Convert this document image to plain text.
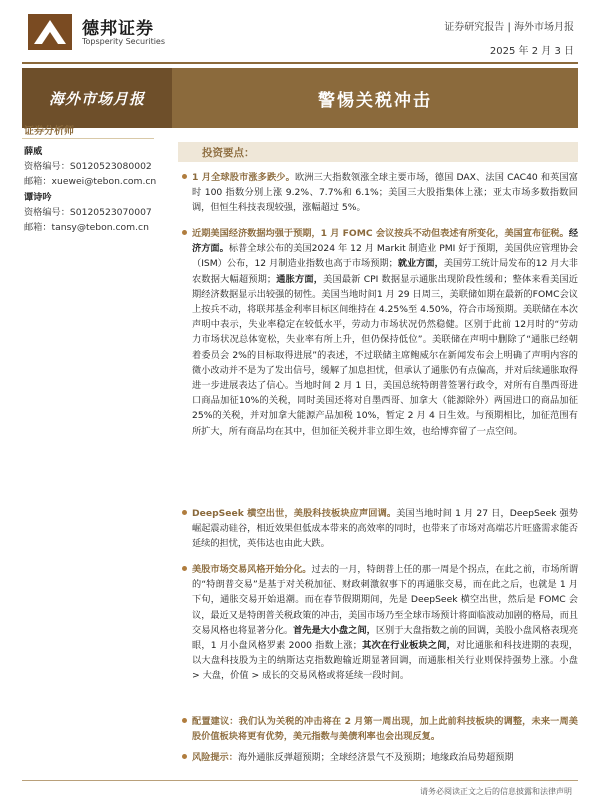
德邦证券
Topsperity Securities
证券研究报告 | 海外市场月报
2025 年 2 月 3 日
海外市场月报	警惕关税冲击
证券分析师
薛威
资格编号：S0120523080002
邮箱：xuewei@tebon.com.cn
谭诗吟
资格编号：S0120523070007
邮箱：tansy@tebon.com.cn
投资要点：
1 月全球股市涨多跌少。欧洲三大指数领涨全球主要市场，德国 DAX、法国 CAC40 和英国富时 100 指数分别上涨 9.2%、7.7%和 6.1%；美国三大股指集体上涨；亚太市场多数指数回调，但恒生科技表现较强，涨幅超过 5%。
近期美国经济数据均强于预期，1 月 FOMC 会议按兵不动但表述有所变化，美国宣布征税。经济方面。标普全球公布的美国2024 年 12 月 Markit 制造业 PMI 好于预期，美国供应管理协会（ISM）公布，12 月制造业指数也高于市场预期；就业方面，美国劳工统计局发布的12 月大非农数据大幅超预期；通胀方面，美国最新 CPI 数据显示通胀出现阶段性缓和；整体来看美国近期经济数据显示出较强的韧性。美国当地时间1 月 29 日周三，美联储如期在最新的FOMC会议上按兵不动，将联邦基金利率目标区间维持在 4.25%至 4.50%，符合市场预期。美联储在本次声明中表示，失业率稳定在较低水平，劳动力市场状况仍然稳健。区别于此前 12月时的“劳动力市场状况总体宽松，失业率有所上升，但仍保持低位”。美联储在声明中删除了“通胀已经朝着委员会 2%的目标取得进展”的表述，不过联储主席鲍威尔在新闻发布会上明确了声明内容的微小改动并不是为了发出信号，缓解了加息担忧，但承认了通胀仍有点偏高，并对后续通胀取得进一步进展表达了信心。当地时间 2 月 1 日，美国总统特朗普签署行政令，对所有自墨西哥进口商品加征10%的关税，同时美国还将对自墨西哥、加拿大（能源除外）两国进口的商品加征 25%的关税，并对加拿大能源产品加税 10%，暂定 2 月 4 日生效。与预期相比，加征范围有所扩大，所有商品均在其中，但加征关税并非立即生效，也给博弈留了一点空间。
DeepSeek 横空出世，美股科技板块应声回调。美国当地时间 1 月 27 日，DeepSeek 强势崛起震动硅谷，相近效果但低成本带来的高效率的同时，也带来了市场对高端芯片旺盛需求能否延续的担忧，英伟达也由此大跌。
美股市场交易风格开始分化。过去的一月，特朗普上任的那一周是个拐点，在此之前，市场所谓的“特朗普交易”是基于对关税加征、财政刺激叙事下的再通胀交易，而在此之后，也就是 1 月下旬，通胀交易开始退潮。而在春节假期期间，先是 DeepSeek 横空出世，然后是 FOMC 会议，最近又是特朗普关税政策的冲击，美国市场乃至全球市场预计将面临波动加剧的格局，而且交易风格也将显著分化。首先是大小盘之间，区别于大盘指数之前的回调，美股小盘风格表现亮眼，1 月小盘风格罗素 2000 指数上涨；其次在行业板块之间，对比通胀和科技进期的表现，以大盘科技股为主的纳斯达克指数跑输近期显著回调，而通胀相关行业则保持强势上涨。小盘 > 大盘，价值 > 成长的交易风格或将延续一段时间。
配置建议：我们认为关税的冲击将在 2 月第一周出现，加上此前科技板块的调整，未来一周美股价值板块将更有优势，美元指数与美债利率也会出现反复。
风险提示：海外通胀反弹超预期；全球经济景气不及预期；地缘政治局势超预期
请务必阅读正文之后的信息披露和法律声明
